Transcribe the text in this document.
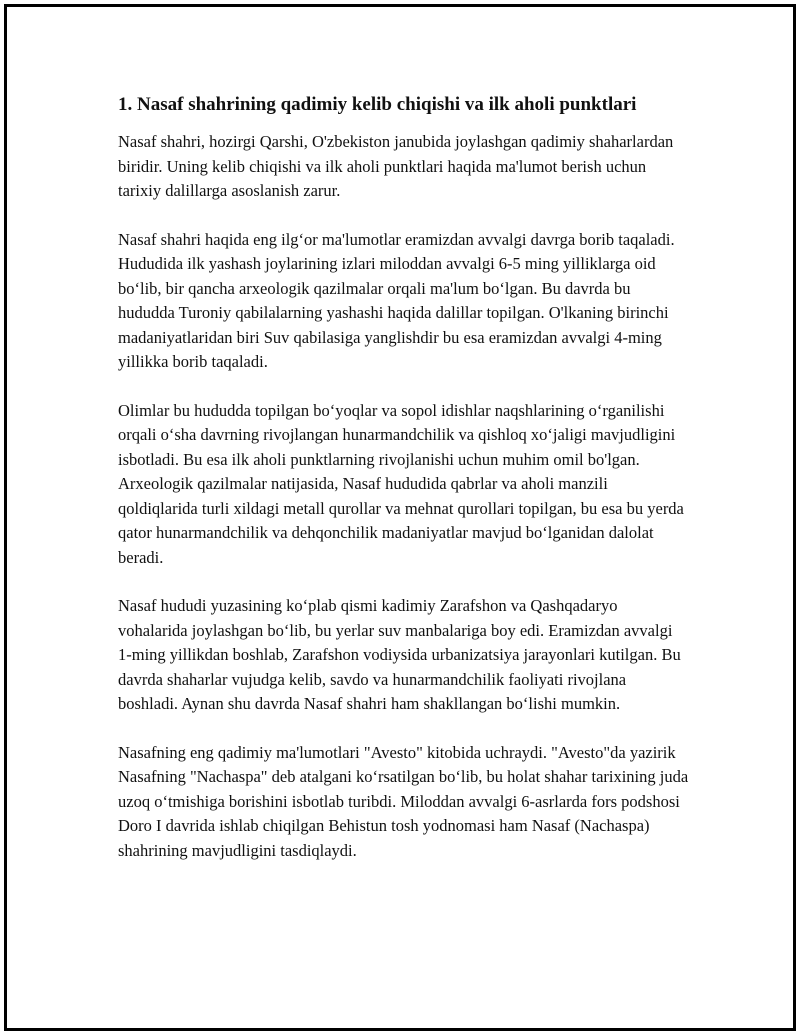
1. Nasaf shahrining qadimiy kelib chiqishi va ilk aholi punktlari

Nasaf shahri, hozirgi Qarshi, O'zbekiston janubida joylashgan qadimiy shaharlardan biridir. Uning kelib chiqishi va ilk aholi punktlari haqida ma'lumot berish uchun tarixiy dalillarga asoslanish zarur.

Nasaf shahri haqida eng ilg‘or ma'lumotlar eramizdan avvalgi davrga borib taqaladi. Hududida ilk yashash joylarining izlari miloddan avvalgi 6-5 ming yilliklarga oid bo‘lib, bir qancha arxeologik qazilmalar orqali ma'lum bo‘lgan. Bu davrda bu hududda Turoniy qabilalarning yashashi haqida dalillar topilgan. O'lkaning birinchi madaniyatlaridan biri Suv qabilasiga yanglishdir bu esa eramizdan avvalgi 4-ming yillikka borib taqaladi.

Olimlar bu hududda topilgan bo‘yoqlar va sopol idishlar naqshlarining o‘rganilishi orqali o‘sha davrning rivojlangan hunarmandchilik va qishloq xo‘jaligi mavjudligini isbotladi. Bu esa ilk aholi punktlarning rivojlanishi uchun muhim omil bo'lgan. Arxeologik qazilmalar natijasida, Nasaf hududida qabrlar va aholi manzili qoldiqlarida turli xildagi metall qurollar va mehnat qurollari topilgan, bu esa bu yerda qator hunarmandchilik va dehqonchilik madaniyatlar mavjud bo‘lganidan dalolat beradi.

Nasaf hududi yuzasining ko‘plab qismi kadimiy Zarafshon va Qashqadaryo vohalarida joylashgan bo‘lib, bu yerlar suv manbalariga boy edi. Eramizdan avvalgi 1-ming yillikdan boshlab, Zarafshon vodiysida urbanizatsiya jarayonlari kutilgan. Bu davrda shaharlar vujudga kelib, savdo va hunarmandchilik faoliyati rivojlana boshladi. Aynan shu davrda Nasaf shahri ham shakllangan bo‘lishi mumkin.

Nasafning eng qadimiy ma'lumotlari "Avesto" kitobida uchraydi. "Avesto"da yazirik Nasafning "Nachaspa" deb atalgani ko‘rsatilgan bo‘lib, bu holat shahar tarixining juda uzoq o‘tmishiga borishini isbotlab turibdi. Miloddan avvalgi 6-asrlarda fors podshosi Doro I davrida ishlab chiqilgan Behistun tosh yodnomasi ham Nasaf (Nachaspa) shahrining mavjudligini tasdiqlaydi.
